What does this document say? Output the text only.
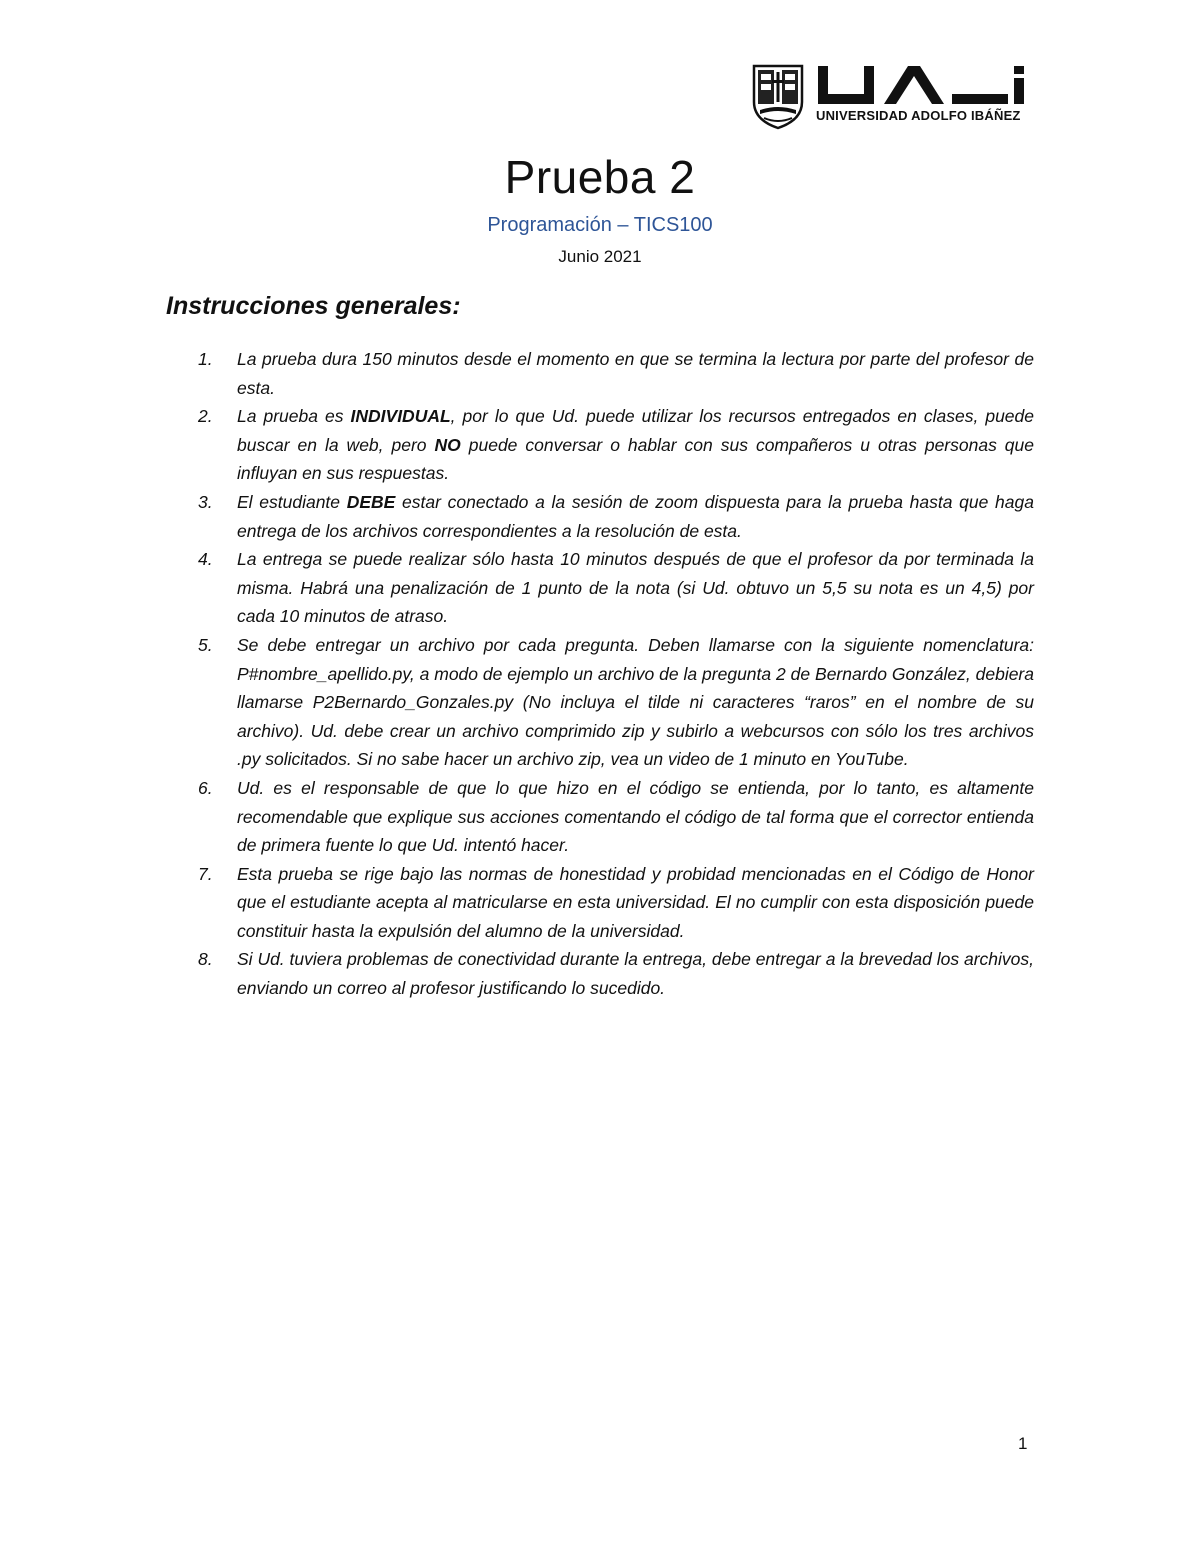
UNIVERSIDAD ADOLFO IBÁÑEZ
Prueba 2
Programación – TICS100
Junio 2021
Instrucciones generales:
1. La prueba dura 150 minutos desde el momento en que se termina la lectura por parte del profesor de esta.
2. La prueba es INDIVIDUAL, por lo que Ud. puede utilizar los recursos entregados en clases, puede buscar en la web, pero NO puede conversar o hablar con sus compañeros u otras personas que influyan en sus respuestas.
3. El estudiante DEBE estar conectado a la sesión de zoom dispuesta para la prueba hasta que haga entrega de los archivos correspondientes a la resolución de esta.
4. La entrega se puede realizar sólo hasta 10 minutos después de que el profesor da por terminada la misma. Habrá una penalización de 1 punto de la nota (si Ud. obtuvo un 5,5 su nota es un 4,5) por cada 10 minutos de atraso.
5. Se debe entregar un archivo por cada pregunta. Deben llamarse con la siguiente nomenclatura: P#nombre_apellido.py, a modo de ejemplo un archivo de la pregunta 2 de Bernardo González, debiera llamarse P2Bernardo_Gonzales.py (No incluya el tilde ni caracteres “raros” en el nombre de su archivo). Ud. debe crear un archivo comprimido zip y subirlo a webcursos con sólo los tres archivos .py solicitados. Si no sabe hacer un archivo zip, vea un video de 1 minuto en YouTube.
6. Ud. es el responsable de que lo que hizo en el código se entienda, por lo tanto, es altamente recomendable que explique sus acciones comentando el código de tal forma que el corrector entienda de primera fuente lo que Ud. intentó hacer.
7. Esta prueba se rige bajo las normas de honestidad y probidad mencionadas en el Código de Honor que el estudiante acepta al matricularse en esta universidad. El no cumplir con esta disposición puede constituir hasta la expulsión del alumno de la universidad.
8. Si Ud. tuviera problemas de conectividad durante la entrega, debe entregar a la brevedad los archivos, enviando un correo al profesor justificando lo sucedido.
1
